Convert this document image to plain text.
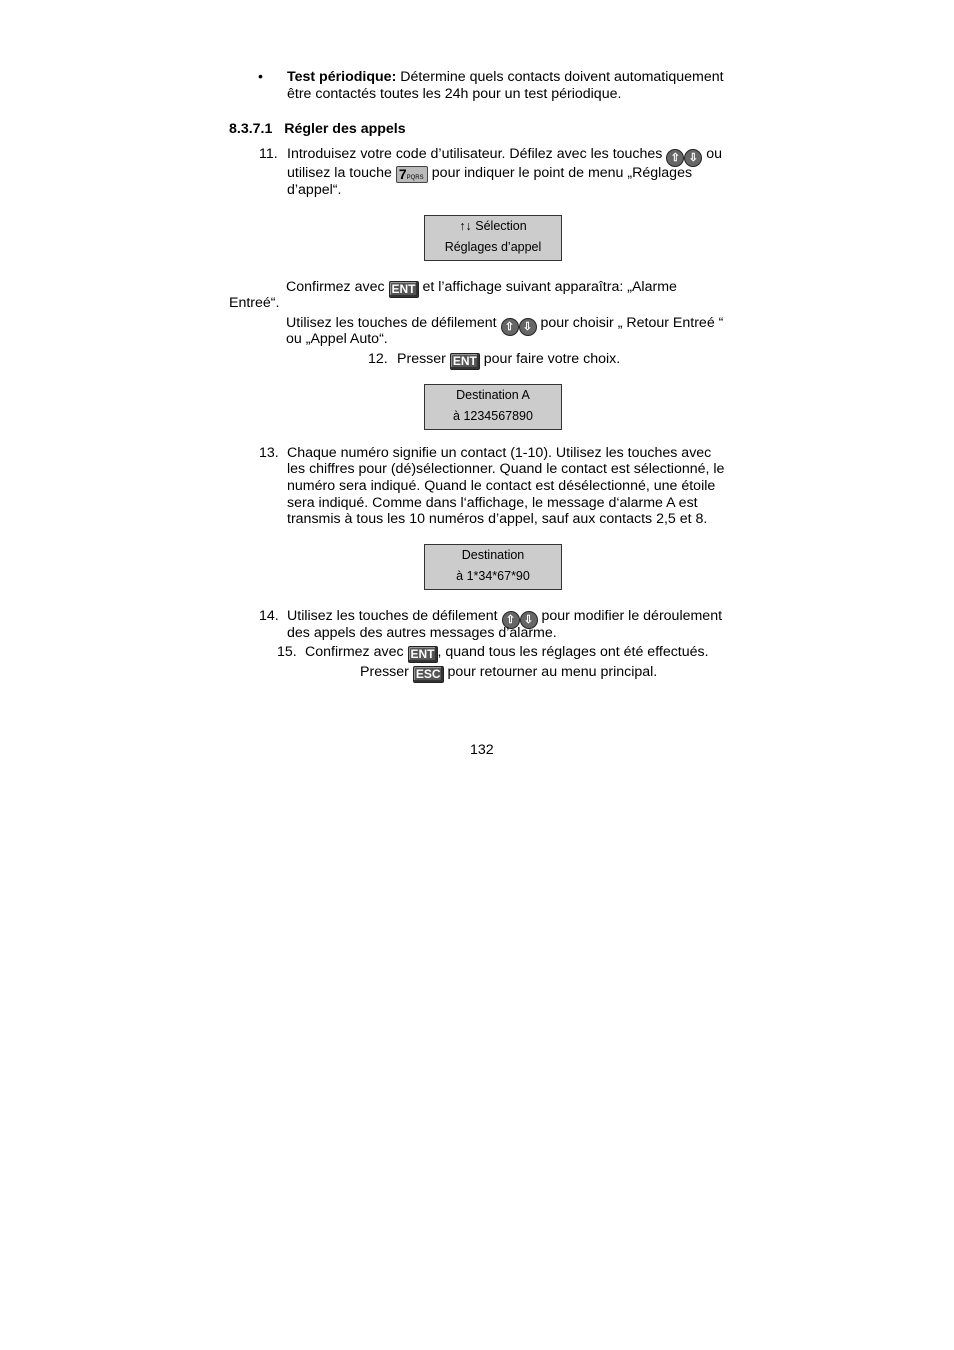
• Test périodique: Détermine quels contacts doivent automatiquement
être contactés toutes les 24h pour un test périodique.
8.3.7.1   Régler des appels
11. Introduisez votre code d’utilisateur. Défilez avec les touches ⇧ ⇩ ou
utilisez la touche 7PQRS pour indiquer le point de menu „Réglages
d’appel“.
↑↓ Sélection
Réglages d’appel
Confirmez avec ENT et l’affichage suivant apparaîtra: „Alarme
Entreé“.
Utilisez les touches de défilement ⇧ ⇩ pour choisir „ Retour Entreé “
ou „Appel Auto“.
12. Presser ENT pour faire votre choix.
Destination A
à 1234567890
13. Chaque numéro signifie un contact (1-10). Utilisez les touches avec
les chiffres pour (dé)sélectionner. Quand le contact est sélectionné, le
numéro sera indiqué. Quand le contact est désélectionné, une étoile
sera indiqué. Comme dans l‘affichage, le message d‘alarme A est
transmis à tous les 10 numéros d’appel, sauf aux contacts 2,5 et 8.
Destination
à 1*34*67*90
14. Utilisez les touches de défilement ⇧ ⇩ pour modifier le déroulement
des appels des autres messages d’alarme.
15. Confirmez avec ENT , quand tous les réglages ont été effectués.
Presser ESC pour retourner au menu principal.
132
